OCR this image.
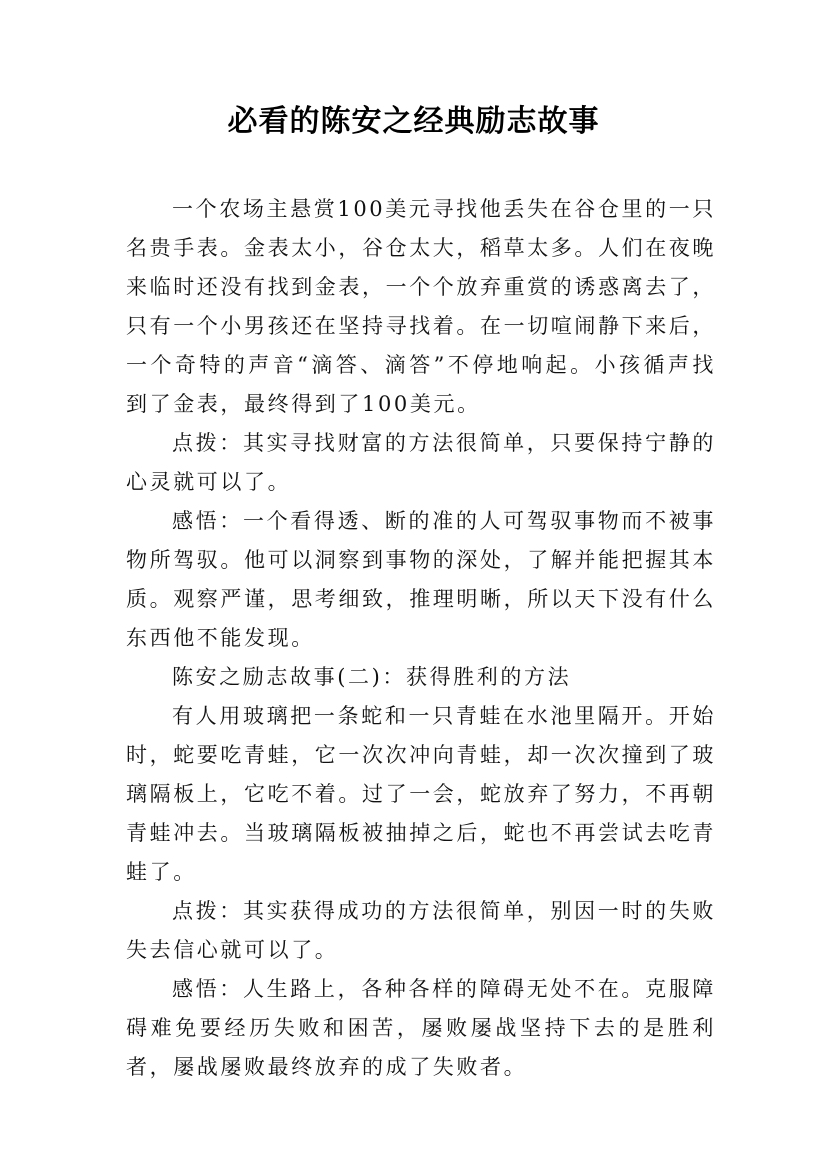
必看的陈安之经典励志故事

一个农场主悬赏100美元寻找他丢失在谷仓里的一只名贵手表。金表太小，谷仓太大，稻草太多。人们在夜晚来临时还没有找到金表，一个个放弃重赏的诱惑离去了，只有一个小男孩还在坚持寻找着。在一切喧闹静下来后，一个奇特的声音“滴答、滴答”不停地响起。小孩循声找到了金表，最终得到了100美元。

点拨：其实寻找财富的方法很简单，只要保持宁静的心灵就可以了。

感悟：一个看得透、断的准的人可驾驭事物而不被事物所驾驭。他可以洞察到事物的深处，了解并能把握其本质。观察严谨，思考细致，推理明晰，所以天下没有什么东西他不能发现。

陈安之励志故事(二)：获得胜利的方法

有人用玻璃把一条蛇和一只青蛙在水池里隔开。开始时，蛇要吃青蛙，它一次次冲向青蛙，却一次次撞到了玻璃隔板上，它吃不着。过了一会，蛇放弃了努力，不再朝青蛙冲去。当玻璃隔板被抽掉之后，蛇也不再尝试去吃青蛙了。

点拨：其实获得成功的方法很简单，别因一时的失败失去信心就可以了。

感悟：人生路上，各种各样的障碍无处不在。克服障碍难免要经历失败和困苦，屡败屡战坚持下去的是胜利者，屡战屡败最终放弃的成了失败者。
